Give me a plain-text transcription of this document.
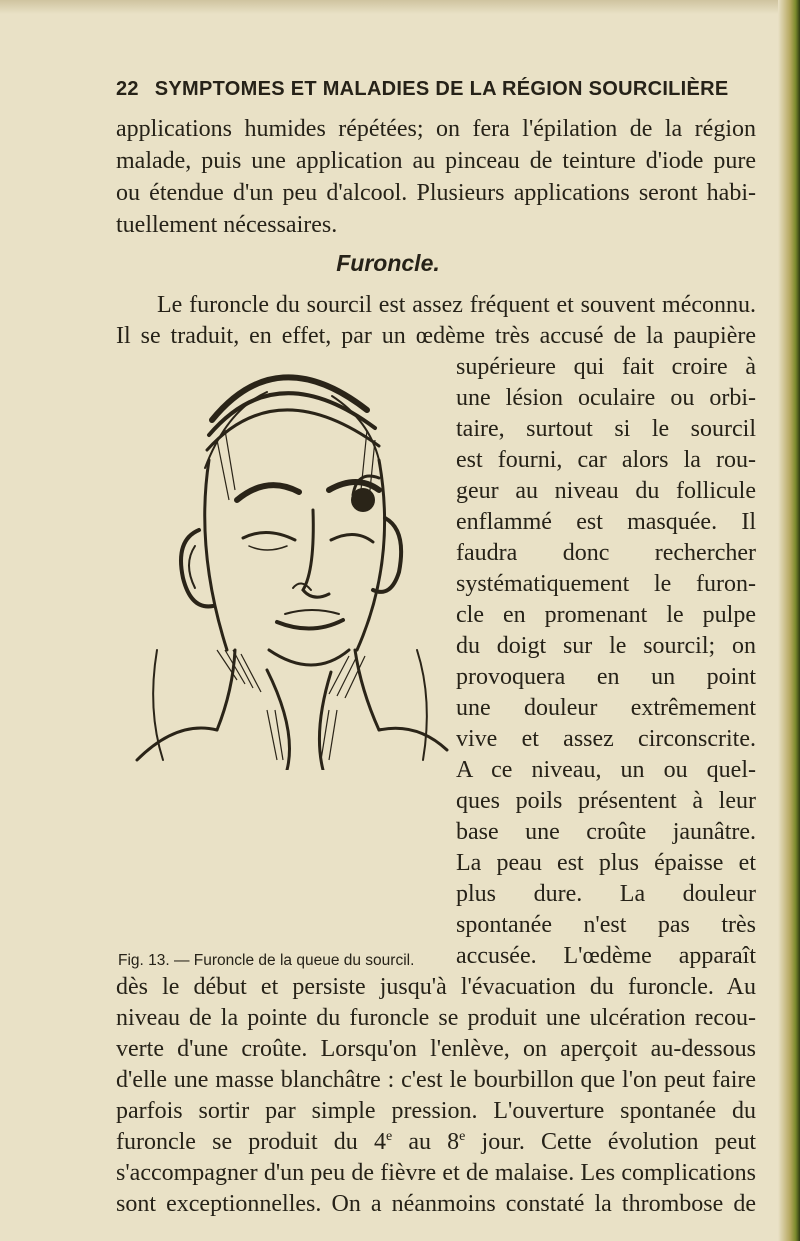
22 SYMPTOMES ET MALADIES DE LA RÉGION SOURCILIÈRE
applications humides répétées; on fera l'épilation de la région
malade, puis une application au pinceau de teinture d'iode pure
ou étendue d'un peu d'alcool. Plusieurs applications seront habi-
tuellement nécessaires.
Furoncle.
Le furoncle du sourcil est assez fréquent et souvent méconnu.
Il se traduit, en effet, par un œdème très accusé de la paupière
supérieure qui fait croire à
une lésion oculaire ou orbi-
taire, surtout si le sourcil
est fourni, car alors la rou-
geur au niveau du follicule
enflammé est masquée. Il
faudra donc rechercher
systématiquement le furon-
cle en promenant le pulpe
du doigt sur le sourcil; on
provoquera en un point
une douleur extrêmement
vive et assez circonscrite.
A ce niveau, un ou quel-
ques poils présentent à leur
base une croûte jaunâtre.
La peau est plus épaisse et
plus dure. La douleur
spontanée n'est pas très
accusée. L'œdème apparaît
Fig. 13. — Furoncle de la queue du sourcil.
dès le début et persiste jusqu'à l'évacuation du furoncle. Au
niveau de la pointe du furoncle se produit une ulcération recou-
verte d'une croûte. Lorsqu'on l'enlève, on aperçoit au-dessous
d'elle une masse blanchâtre : c'est le bourbillon que l'on peut faire
parfois sortir par simple pression. L'ouverture spontanée du
furoncle se produit du 4e au 8e jour. Cette évolution peut
s'accompagner d'un peu de fièvre et de malaise. Les complications
sont exceptionnelles. On a néanmoins constaté la thrombose de
